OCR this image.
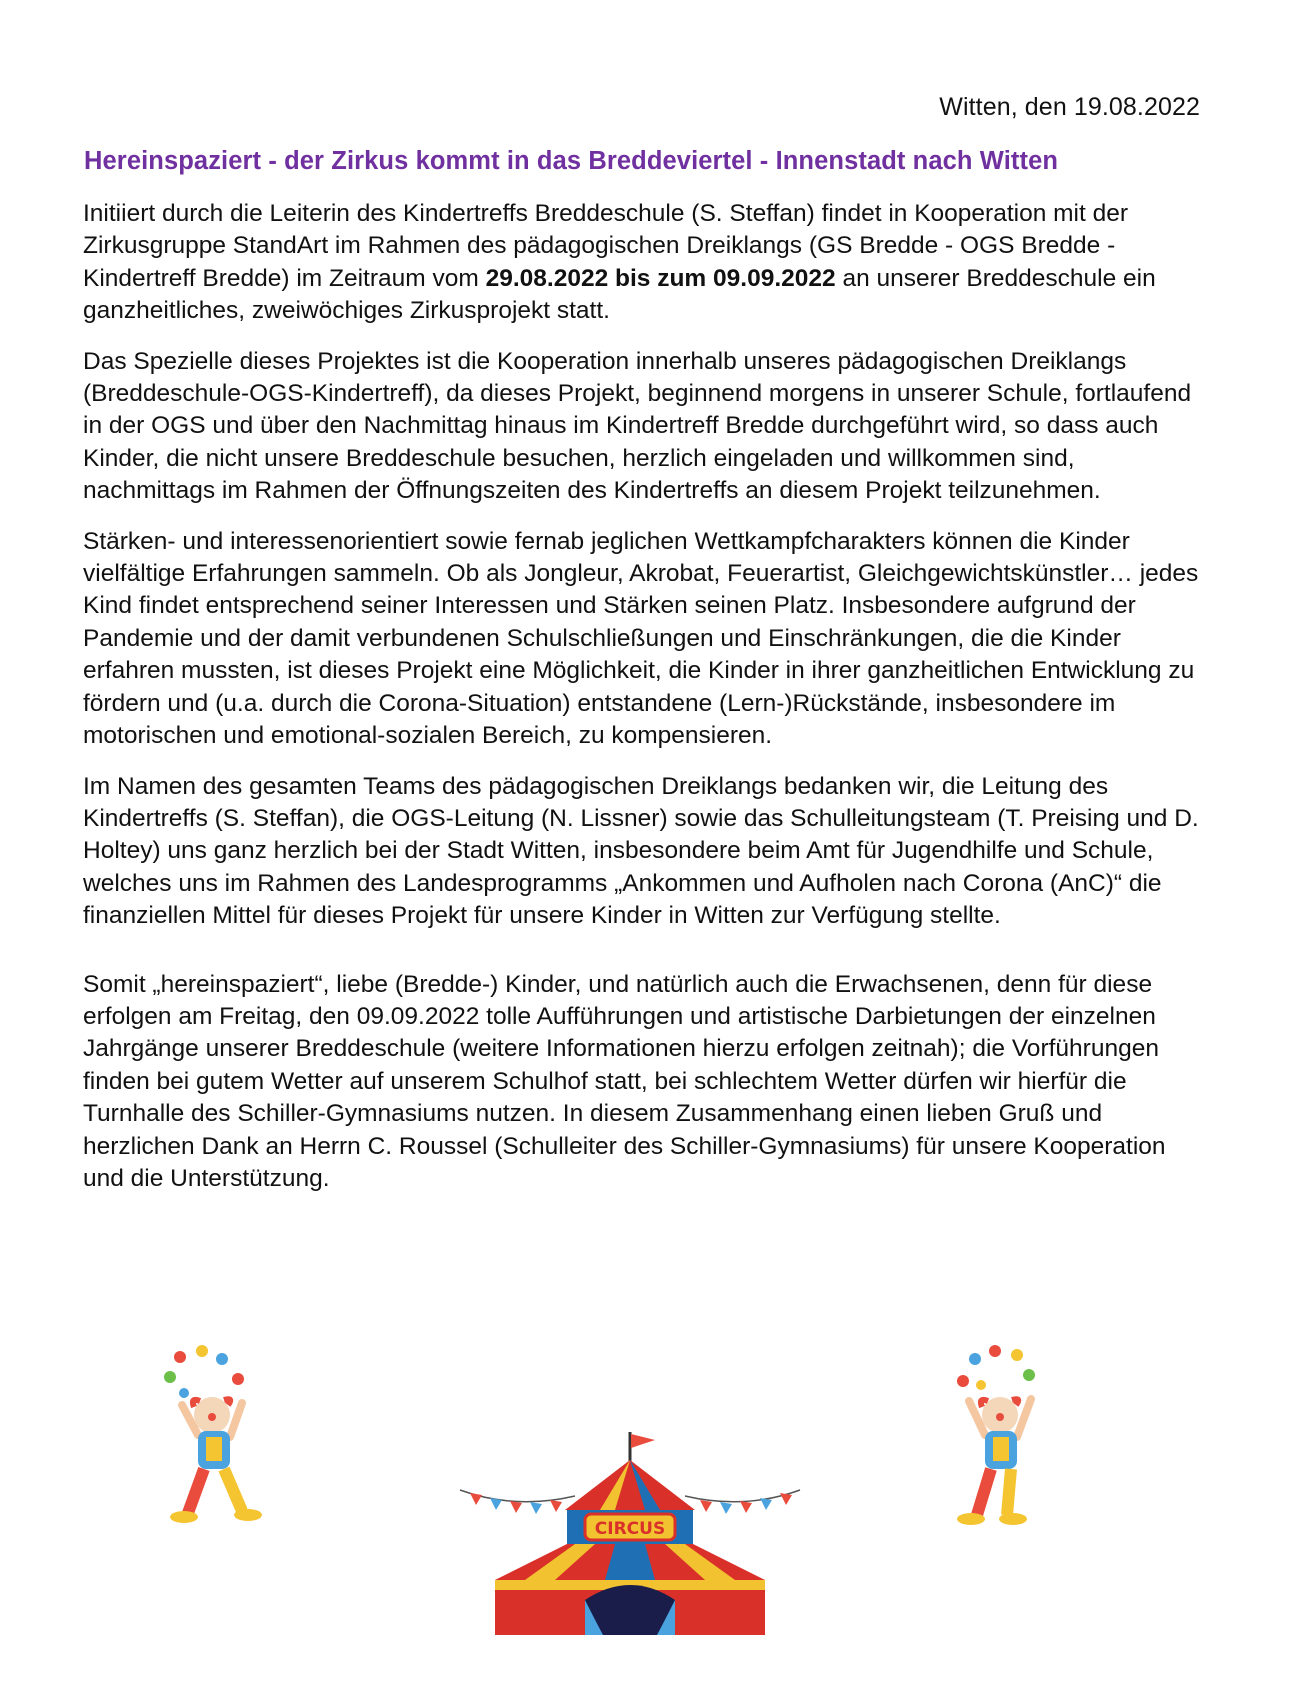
Witten, den 19.08.2022
Hereinspaziert - der Zirkus kommt in das Breddeviertel - Innenstadt nach Witten

Initiiert durch die Leiterin des Kindertreffs Breddeschule (S. Steffan) findet in Kooperation mit der Zirkusgruppe StandArt im Rahmen des pädagogischen Dreiklangs (GS Bredde - OGS Bredde - Kindertreff Bredde) im Zeitraum vom 29.08.2022 bis zum 09.09.2022 an unserer Breddeschule ein ganzheitliches, zweiwöchiges Zirkusprojekt statt.

Das Spezielle dieses Projektes ist die Kooperation innerhalb unseres pädagogischen Dreiklangs (Breddeschule-OGS-Kindertreff), da dieses Projekt, beginnend morgens in unserer Schule, fortlaufend in der OGS und über den Nachmittag hinaus im Kindertreff Bredde durchgeführt wird, so dass auch Kinder, die nicht unsere Breddeschule besuchen, herzlich eingeladen und willkommen sind, nachmittags im Rahmen der Öffnungszeiten des Kindertreffs an diesem Projekt teilzunehmen.

Stärken- und interessenorientiert sowie fernab jeglichen Wettkampfcharakters können die Kinder vielfältige Erfahrungen sammeln. Ob als Jongleur, Akrobat, Feuerartist, Gleichgewichtskünstler… jedes Kind findet entsprechend seiner Interessen und Stärken seinen Platz. Insbesondere aufgrund der Pandemie und der damit verbundenen Schulschließungen und Einschränkungen, die die Kinder erfahren mussten, ist dieses Projekt eine Möglichkeit, die Kinder in ihrer ganzheitlichen Entwicklung zu fördern und (u.a. durch die Corona-Situation) entstandene (Lern-)Rückstände, insbesondere im motorischen und emotional-sozialen Bereich, zu kompensieren.

Im Namen des gesamten Teams des pädagogischen Dreiklangs bedanken wir, die Leitung des Kindertreffs (S. Steffan), die OGS-Leitung (N. Lissner) sowie das Schulleitungsteam (T. Preising und D. Holtey) uns ganz herzlich bei der Stadt Witten, insbesondere beim Amt für Jugendhilfe und Schule, welches uns im Rahmen des Landesprogramms „Ankommen und Aufholen nach Corona (AnC)“ die finanziellen Mittel für dieses Projekt für unsere Kinder in Witten zur Verfügung stellte.

Somit „hereinspaziert“, liebe (Bredde-) Kinder, und natürlich auch die Erwachsenen, denn für diese erfolgen am Freitag, den 09.09.2022 tolle Aufführungen und artistische Darbietungen der einzelnen Jahrgänge unserer Breddeschule (weitere Informationen hierzu erfolgen zeitnah); die Vorführungen finden bei gutem Wetter auf unserem Schulhof statt, bei schlechtem Wetter dürfen wir hierfür die Turnhalle des Schiller-Gymnasiums nutzen. In diesem Zusammenhang einen lieben Gruß und herzlichen Dank an Herrn C. Roussel (Schulleiter des Schiller-Gymnasiums) für unsere Kooperation und die Unterstützung.

CIRCUS
